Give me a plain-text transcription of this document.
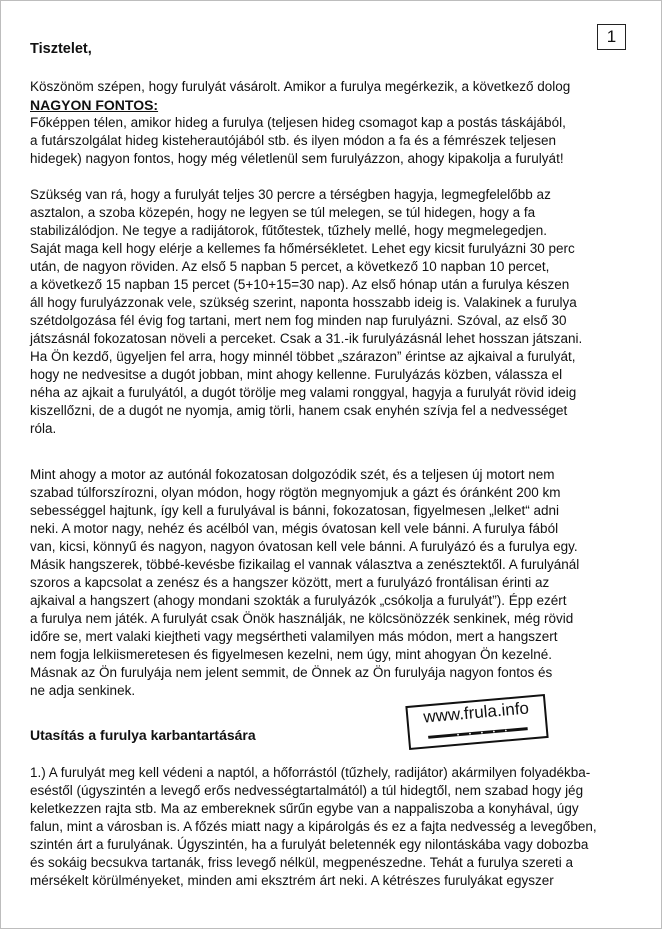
1
Tisztelet,
Köszönöm szépen, hogy furulyát vásárolt. Amikor a furulya megérkezik, a következő dolog
NAGYON FONTOS:
Főképpen télen, amikor hideg a furulya (teljesen hideg csomagot kap a postás táskájából,
a futárszolgálat hideg kisteherautójából stb. és ilyen módon a fa és a fémrészek teljesen
hidegek) nagyon fontos, hogy még véletlenül sem furulyázzon, ahogy kipakolja a furulyát!
Szükség van rá, hogy a furulyát teljes 30 percre a térségben hagyja, legmegfelelőbb az
asztalon, a szoba közepén, hogy ne legyen se túl melegen, se túl hidegen, hogy a fa
stabilizálódjon. Ne tegye a radijátorok, fűtőtestek, tűzhely mellé, hogy megmelegedjen.
Saját maga kell hogy elérje a kellemes fa hőmérsékletet. Lehet egy kicsit furulyázni 30 perc
után, de nagyon röviden. Az első 5 napban 5 percet, a következő 10 napban 10 percet,
a következő 15 napban 15 percet (5+10+15=30 nap). Az első hónap után a furulya készen
áll hogy furulyázzonak vele, szükség szerint, naponta hosszabb ideig is. Valakinek a furulya
szétdolgozása fél évig fog tartani, mert nem fog minden nap furulyázni. Szóval, az első 30
játszásnál fokozatosan növeli a perceket. Csak a 31.-ik furulyázásnál lehet hosszan játszani.
Ha Ön kezdő, ügyeljen fel arra, hogy minnél többet „szárazon” érintse az ajkaival a furulyát,
hogy ne nedvesitse a dugót jobban, mint ahogy kellenne. Furulyázás közben, válassza el
néha az ajkait a furulyától, a dugót törölje meg valami ronggyal, hagyja a furulyát rövid ideig
kiszellőzni, de a dugót ne nyomja, amig törli, hanem csak enyhén szívja fel a nedvességet
róla.
Mint ahogy a motor az autónál fokozatosan dolgozódik szét, és a teljesen új motort nem
szabad túlforszírozni, olyan módon, hogy rögtön megnyomjuk a gázt és óránként 200 km
sebességgel hajtunk, így kell a furulyával is bánni, fokozatosan, figyelmesen „lelket“ adni
neki. A motor nagy, nehéz és acélból van, mégis óvatosan kell vele bánni. A furulya fából
van, kicsi, könnyű és nagyon, nagyon óvatosan kell vele bánni. A furulyázó és a furulya egy.
Másik hangszerek, többé-kevésbe fizikailag el vannak választva a zenésztektől. A furulyánál
szoros a kapcsolat a zenész és a hangszer között, mert a furulyázó frontálisan érinti az
ajkaival a hangszert (ahogy mondani szokták a furulyázók „csókolja a furulyát”). Épp ezért
a furulya nem játék. A furulyát csak Önök használják, ne kölcsönözzék senkinek, még rövid
időre se, mert valaki kiejtheti vagy megsértheti valamilyen más módon, mert a hangszert
nem fogja lelkiismeretesen és figyelmesen kezelni, nem úgy, mint ahogyan Ön kezelné.
Másnak az Ön furulyája nem jelent semmit, de Önnek az Ön furulyája nagyon fontos és
ne adja senkinek.
Utasítás a furulya karbantartására
1.) A furulyát meg kell védeni a naptól, a hőforrástól (tűzhely, radijátor) akármilyen folyadékba-
eséstől (úgyszintén a levegő erős nedvességtartalmától) a túl hidegtől, nem szabad hogy jég
keletkezzen rajta stb. Ma az embereknek sűrűn egybe van a nappaliszoba a konyhával, úgy
falun, mint a városban is. A főzés miatt nagy a kipárolgás és ez a fajta nedvesség a levegőben,
szintén árt a furulyának. Úgyszintén, ha a furulyát beletennék egy nilontáskába vagy dobozba
és sokáig becsukva tartanák, friss levegő nélkül, megpenészedne. Tehát a furulya szereti a
mérsékelt körülményeket, minden ami eksztrém árt neki. A kétrészes furulyákat egyszer
www.frula.info
